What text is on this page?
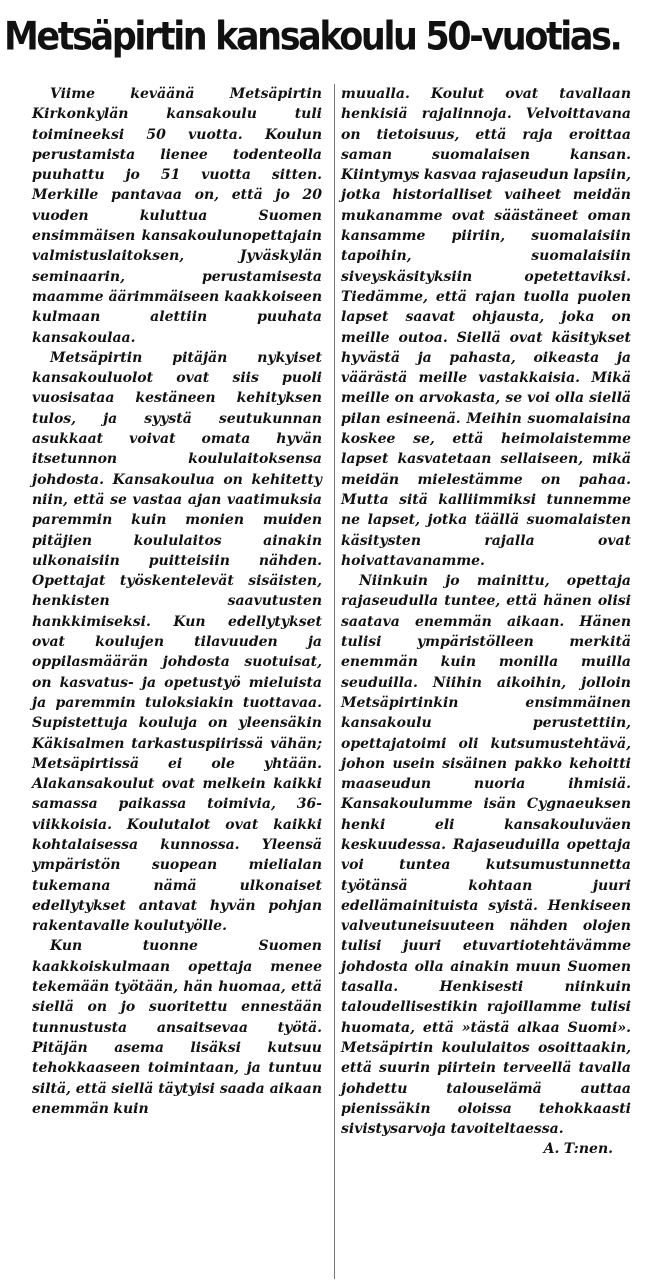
Metsäpirtin kansakoulu 50-vuotias.

Viime keväänä Metsäpirtin Kirkonkylän kansakoulu tuli toimineeksi 50 vuotta. Koulun perustamista lienee todenteolla puuhattu jo 51 vuotta sitten. Merkille pantavaa on, että jo 20 vuoden kuluttua Suomen ensimmäisen kansakoulunopettajain valmistuslaitoksen, Jyväskylän seminaarin, perustamisesta maamme äärimmäiseen kaakkoiseen kulmaan alettiin puuhata kansakoulaa.

Metsäpirtin pitäjän nykyiset kansakouluolot ovat siis puoli vuosisataa kestäneen kehityksen tulos, ja syystä seutukunnan asukkaat voivat omata hyvän itsetunnon koululaitoksensa johdosta. Kansakoulua on kehitetty niin, että se vastaa ajan vaatimuksia paremmin kuin monien muiden pitäjien koululaitos ainakin ulkonaisiin puitteisiin nähden. Opettajat työskentelevät sisäisten, henkisten saavutusten hankkimiseksi. Kun edellytykset ovat koulujen tilavuuden ja oppilasmäärän johdosta suotuisat, on kasvatus- ja opetustyö mieluista ja paremmin tuloksiakin tuottavaa. Supistettuja kouluja on yleensäkin Käkisalmen tarkastuspiirissä vähän; Metsäpirtissä ei ole yhtään. Alakansakoulut ovat melkein kaikki samassa paikassa toimivia, 36-viikkoisia. Koulutalot ovat kaikki kohtalaisessa kunnossa. Yleensä ympäristön suopean mielialan tukemana nämä ulkonaiset edellytykset antavat hyvän pohjan rakentavalle koulutyölle.

Kun tuonne Suomen kaakkoiskulmaan opettaja menee tekemään työtään, hän huomaa, että siellä on jo suoritettu ennestään tunnustusta ansaitsevaa työtä. Pitäjän asema lisäksi kutsuu tehokkaaseen toimintaan, ja tuntuu siltä, että siellä täytyisi saada aikaan enemmän kuin

muualla. Koulut ovat tavallaan henkisiä rajalinnoja. Velvoittavana on tietoisuus, että raja eroittaa saman suomalaisen kansan. Kiintymys kasvaa rajaseudun lapsiin, jotka historialliset vaiheet meidän mukanamme ovat säästäneet oman kansamme piiriin, suomalaisiin tapoihin, suomalaisiin siveyskäsityksiin opetettaviksi. Tiedämme, että rajan tuolla puolen lapset saavat ohjausta, joka on meille outoa. Siellä ovat käsitykset hyvästä ja pahasta, oikeasta ja väärästä meille vastakkaisia. Mikä meille on arvokasta, se voi olla siellä pilan esineenä. Meihin suomalaisina koskee se, että heimolaistemme lapset kasvatetaan sellaiseen, mikä meidän mielestämme on pahaa. Mutta sitä kalliimmiksi tunnemme ne lapset, jotka täällä suomalaisten käsitysten rajalla ovat hoivattavanamme.

Niinkuin jo mainittu, opettaja rajaseudulla tuntee, että hänen olisi saatava enemmän aikaan. Hänen tulisi ympäristölleen merkitä enemmän kuin monilla muilla seuduilla. Niihin aikoihin, jolloin Metsäpirtinkin ensimmäinen kansakoulu perustettiin, opettajatoimi oli kutsumustehtävä, johon usein sisäinen pakko kehoitti maaseudun nuoria ihmisiä. Kansakoulumme isän Cygnaeuksen henki eli kansakouluväen keskuudessa. Rajaseuduilla opettaja voi tuntea kutsumustunnetta työtänsä kohtaan juuri edellämainituista syistä. Henkiseen valveutuneisuuteen nähden olojen tulisi juuri etuvartiotehtävämme johdosta olla ainakin muun Suomen tasalla. Henkisesti niinkuin taloudellisestikin rajoillamme tulisi huomata, että »tästä alkaa Suomi». Metsäpirtin koululaitos osoittaakin, että suurin piirtein terveellä tavalla johdettu talouselämä auttaa pienissäkin oloissa tehokkaasti sivistysarvoja tavoiteltaessa.

A. T:nen.
